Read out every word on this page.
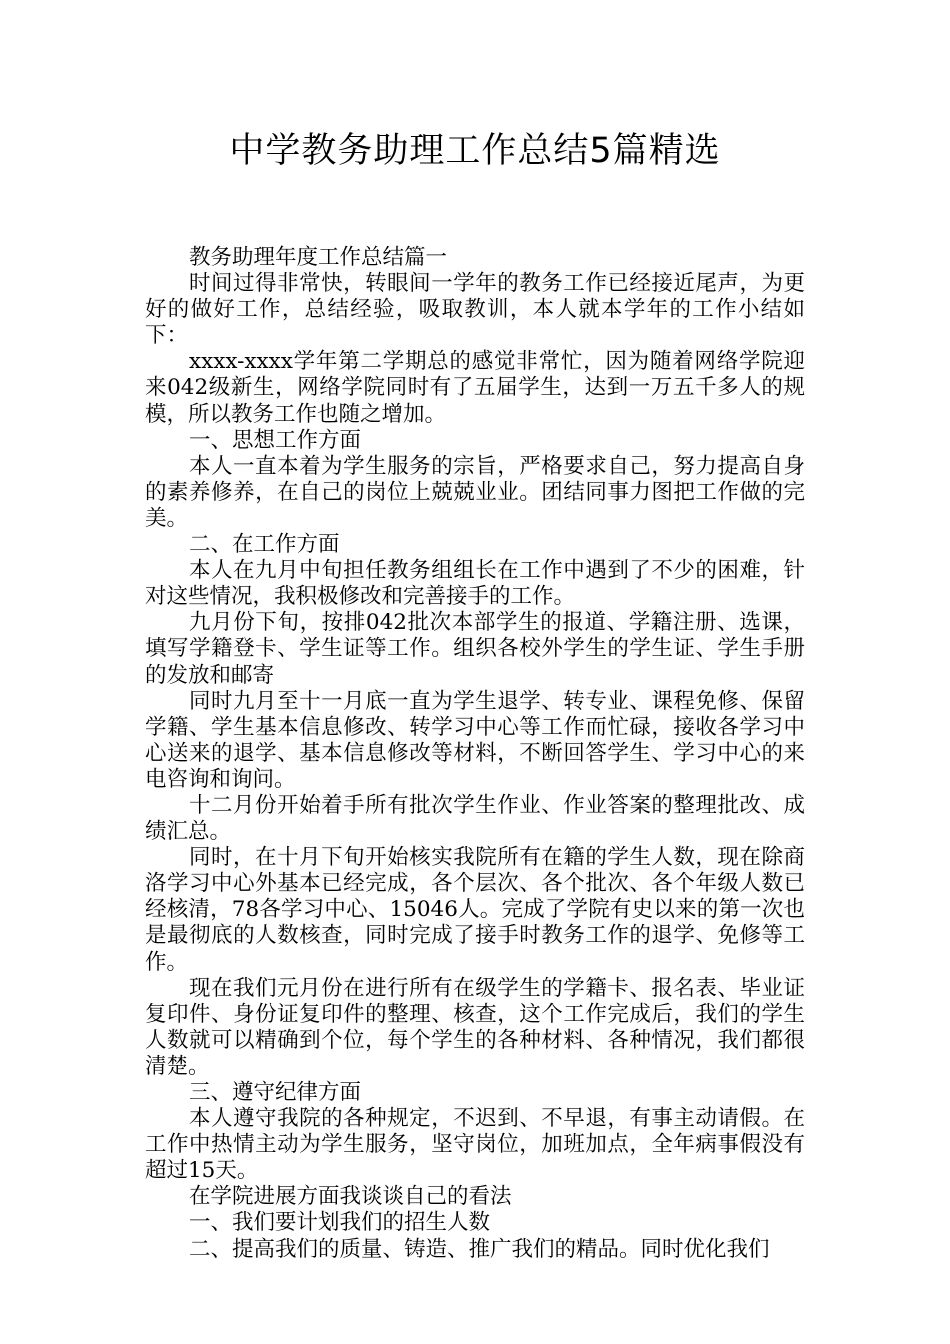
中学教务助理工作总结5篇精选

教务助理年度工作总结篇一

时间过得非常快，转眼间一学年的教务工作已经接近尾声，为更好的做好工作，总结经验，吸取教训，本人就本学年的工作小结如下：

xxxx-xxxx学年第二学期总的感觉非常忙，因为随着网络学院迎来042级新生，网络学院同时有了五届学生，达到一万五千多人的规模，所以教务工作也随之增加。

一、思想工作方面

本人一直本着为学生服务的宗旨，严格要求自己，努力提高自身的素养修养，在自己的岗位上兢兢业业。团结同事力图把工作做的完美。

二、在工作方面

本人在九月中旬担任教务组组长在工作中遇到了不少的困难，针对这些情况，我积极修改和完善接手的工作。

九月份下旬，按排042批次本部学生的报道、学籍注册、选课，填写学籍登卡、学生证等工作。组织各校外学生的学生证、学生手册的发放和邮寄

同时九月至十一月底一直为学生退学、转专业、课程免修、保留学籍、学生基本信息修改、转学习中心等工作而忙碌，接收各学习中心送来的退学、基本信息修改等材料，不断回答学生、学习中心的来电咨询和询问。

十二月份开始着手所有批次学生作业、作业答案的整理批改、成绩汇总。

同时，在十月下旬开始核实我院所有在籍的学生人数，现在除商洛学习中心外基本已经完成，各个层次、各个批次、各个年级人数已经核清，78各学习中心、15046人。完成了学院有史以来的第一次也是最彻底的人数核查，同时完成了接手时教务工作的退学、免修等工作。

现在我们元月份在进行所有在级学生的学籍卡、报名表、毕业证复印件、身份证复印件的整理、核查，这个工作完成后，我们的学生人数就可以精确到个位，每个学生的各种材料、各种情况，我们都很清楚。

三、遵守纪律方面

本人遵守我院的各种规定，不迟到、不早退，有事主动请假。在工作中热情主动为学生服务，坚守岗位，加班加点，全年病事假没有超过15天。

在学院进展方面我谈谈自己的看法

一、我们要计划我们的招生人数

二、提高我们的质量、铸造、推广我们的精品。同时优化我们
